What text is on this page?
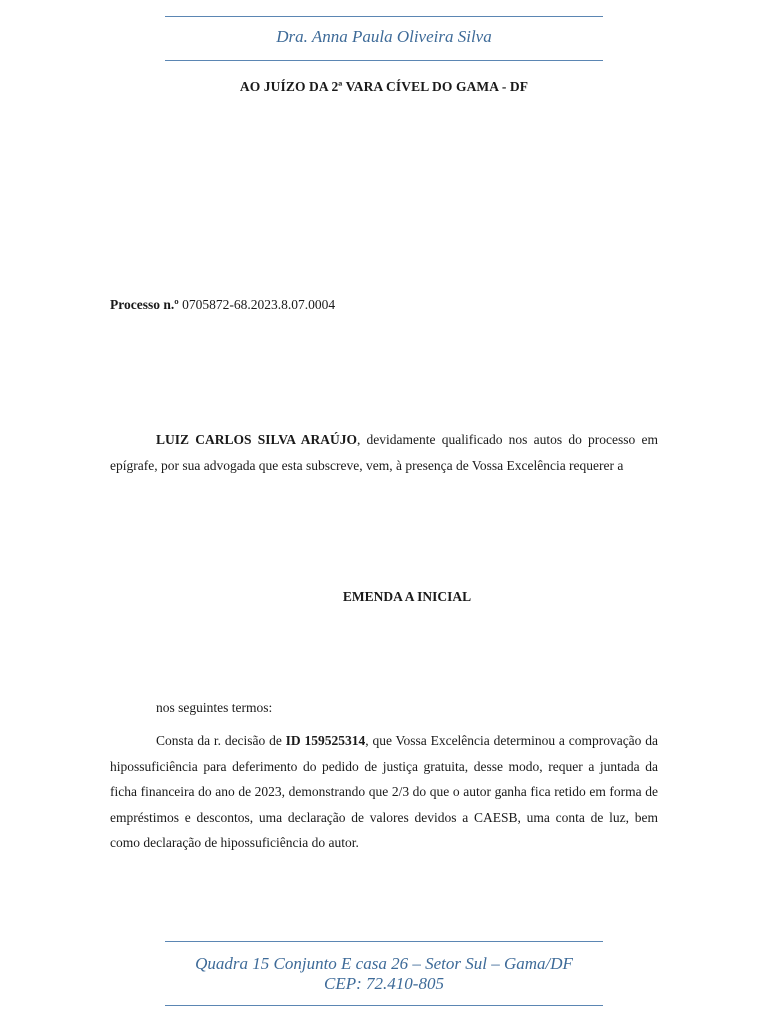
Dra. Anna Paula Oliveira Silva
AO JUÍZO DA 2ª VARA CÍVEL DO GAMA - DF
Processo n.º 0705872-68.2023.8.07.0004
LUIZ CARLOS SILVA ARAÚJO, devidamente qualificado nos autos do processo em epígrafe, por sua advogada que esta subscreve, vem, à presença de Vossa Excelência requerer a
EMENDA A INICIAL
nos seguintes termos:
Consta da r. decisão de ID 159525314, que Vossa Excelência determinou a comprovação da hipossuficiência para deferimento do pedido de justiça gratuita, desse modo, requer a juntada da ficha financeira do ano de 2023, demonstrando que 2/3 do que o autor ganha fica retido em forma de empréstimos e descontos, uma declaração de valores devidos a CAESB, uma conta de luz, bem como declaração de hipossuficiência do autor.
Quadra 15 Conjunto E casa 26 – Setor Sul – Gama/DF
CEP: 72.410-805
